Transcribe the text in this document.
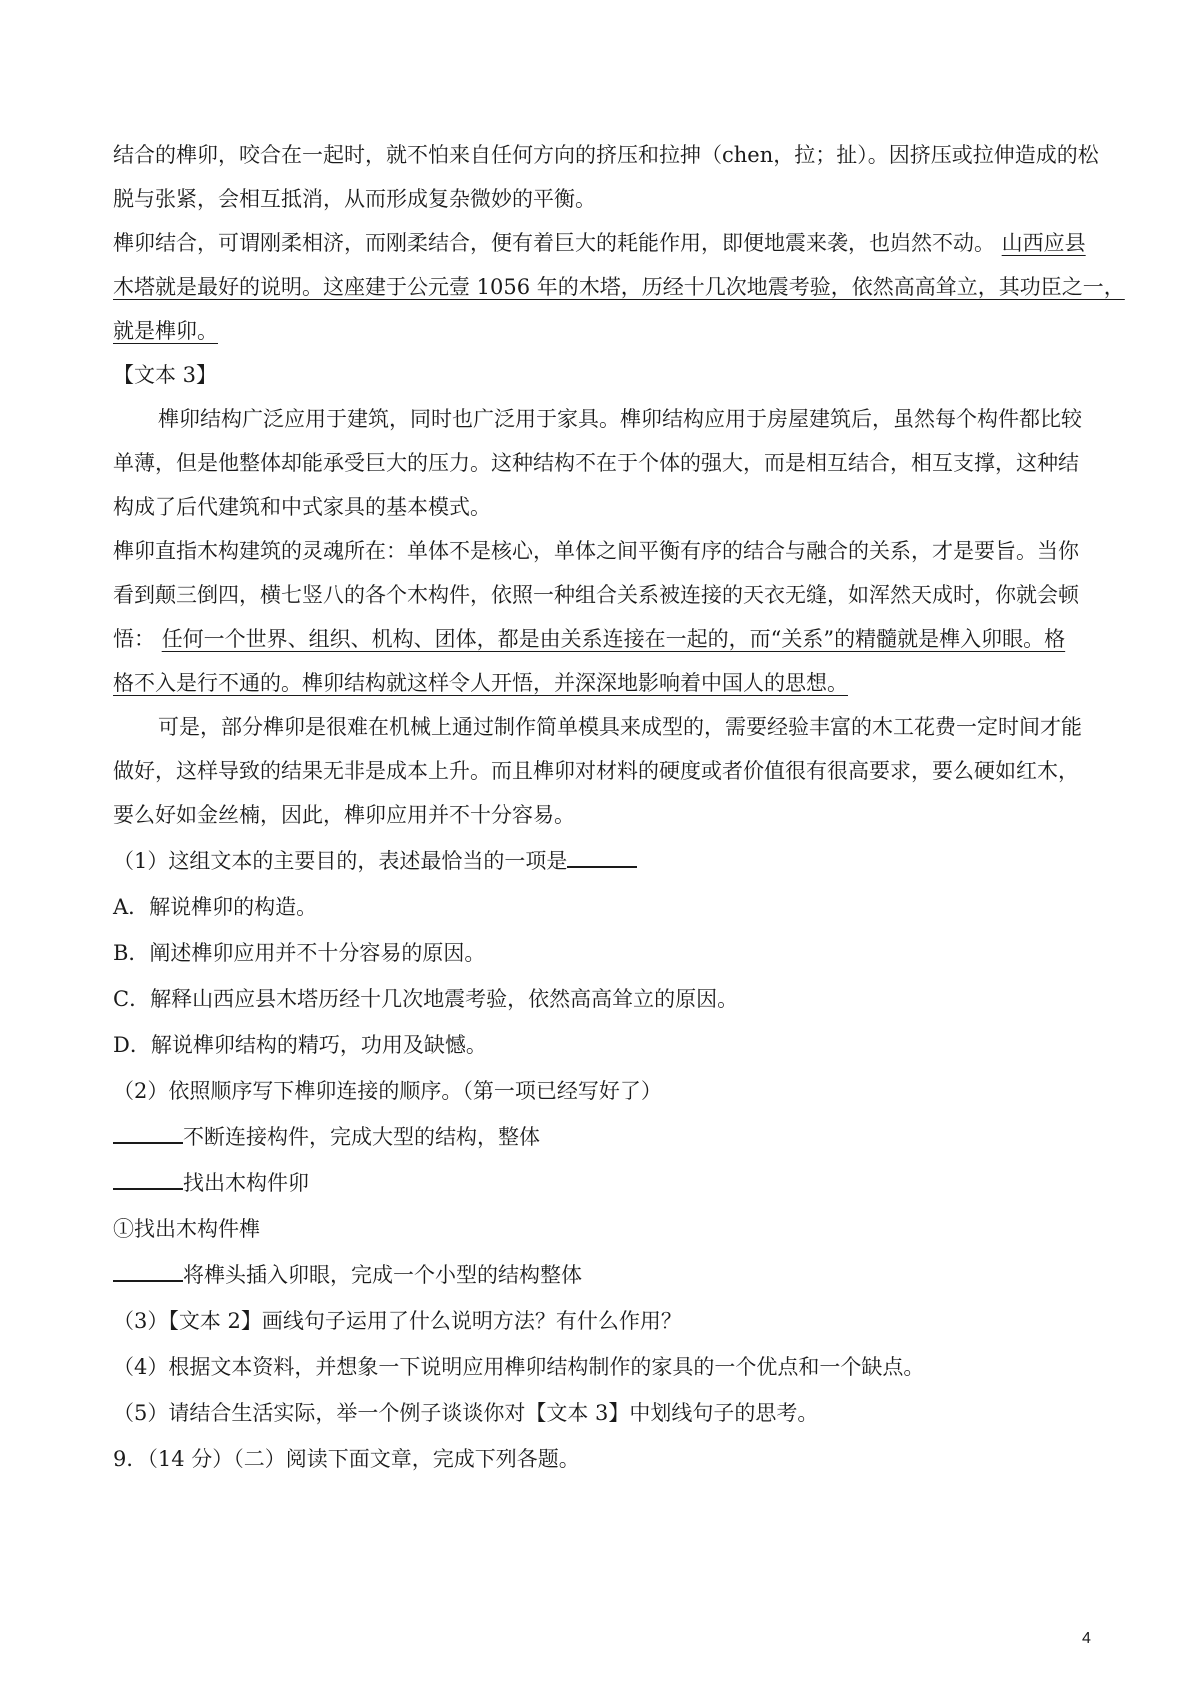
结合的榫卯，咬合在一起时，就不怕来自任何方向的挤压和拉抻（chen，拉；扯）。因挤压或拉伸造成的松
脱与张紧，会相互抵消，从而形成复杂微妙的平衡。
榫卯结合，可谓刚柔相济，而刚柔结合，便有着巨大的耗能作用，即便地震来袭，也岿然不动。 山西应县
木塔就是最好的说明。这座建于公元壹 1056 年的木塔，历经十几次地震考验，依然高高耸立，其功臣之一，
就是榫卯。
【文本 3】
榫卯结构广泛应用于建筑，同时也广泛用于家具。榫卯结构应用于房屋建筑后，虽然每个构件都比较
单薄，但是他整体却能承受巨大的压力。这种结构不在于个体的强大，而是相互结合，相互支撑，这种结
构成了后代建筑和中式家具的基本模式。
榫卯直指木构建筑的灵魂所在：单体不是核心，单体之间平衡有序的结合与融合的关系，才是要旨。当你
看到颠三倒四，横七竖八的各个木构件，依照一种组合关系被连接的天衣无缝，如浑然天成时，你就会顿
悟： 任何一个世界、组织、机构、团体，都是由关系连接在一起的，而“关系”的精髓就是榫入卯眼。格
格不入是行不通的。榫卯结构就这样令人开悟，并深深地影响着中国人的思想。
可是，部分榫卯是很难在机械上通过制作简单模具来成型的，需要经验丰富的木工花费一定时间才能
做好，这样导致的结果无非是成本上升。而且榫卯对材料的硬度或者价值很有很高要求，要么硬如红木，
要么好如金丝楠，因此，榫卯应用并不十分容易。
（1）这组文本的主要目的，表述最恰当的一项是
A．解说榫卯的构造。
B．阐述榫卯应用并不十分容易的原因。
C．解释山西应县木塔历经十几次地震考验，依然高高耸立的原因。
D．解说榫卯结构的精巧，功用及缺憾。
（2）依照顺序写下榫卯连接的顺序。（第一项已经写好了）
不断连接构件，完成大型的结构，整体
找出木构件卯
①找出木构件榫
将榫头插入卯眼，完成一个小型的结构整体
（3）【文本 2】画线句子运用了什么说明方法？有什么作用？
（4）根据文本资料，并想象一下说明应用榫卯结构制作的家具的一个优点和一个缺点。
（5）请结合生活实际，举一个例子谈谈你对【文本 3】中划线句子的思考。
9．（14 分）（二）阅读下面文章，完成下列各题。
4
